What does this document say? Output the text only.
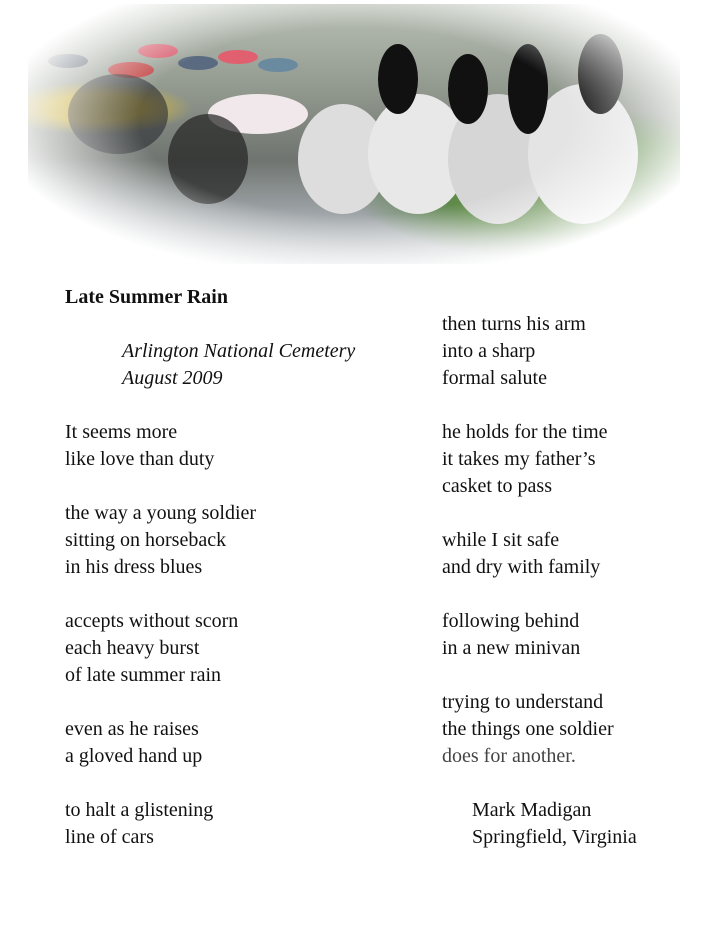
Late Summer Rain
Arlington National Cemetery
August 2009
It seems more
like love than duty
the way a young soldier
sitting on horseback
in his dress blues
accepts without scorn
each heavy burst
of late summer rain
even as he raises
a gloved hand up
to halt a glistening
line of cars
then turns his arm
into a sharp
formal salute
he holds for the time
it takes my father’s
casket to pass
while I sit safe
and dry with family
following behind
in a new minivan
trying to understand
the things one soldier
does for another.
Mark Madigan
Springfield, Virginia
